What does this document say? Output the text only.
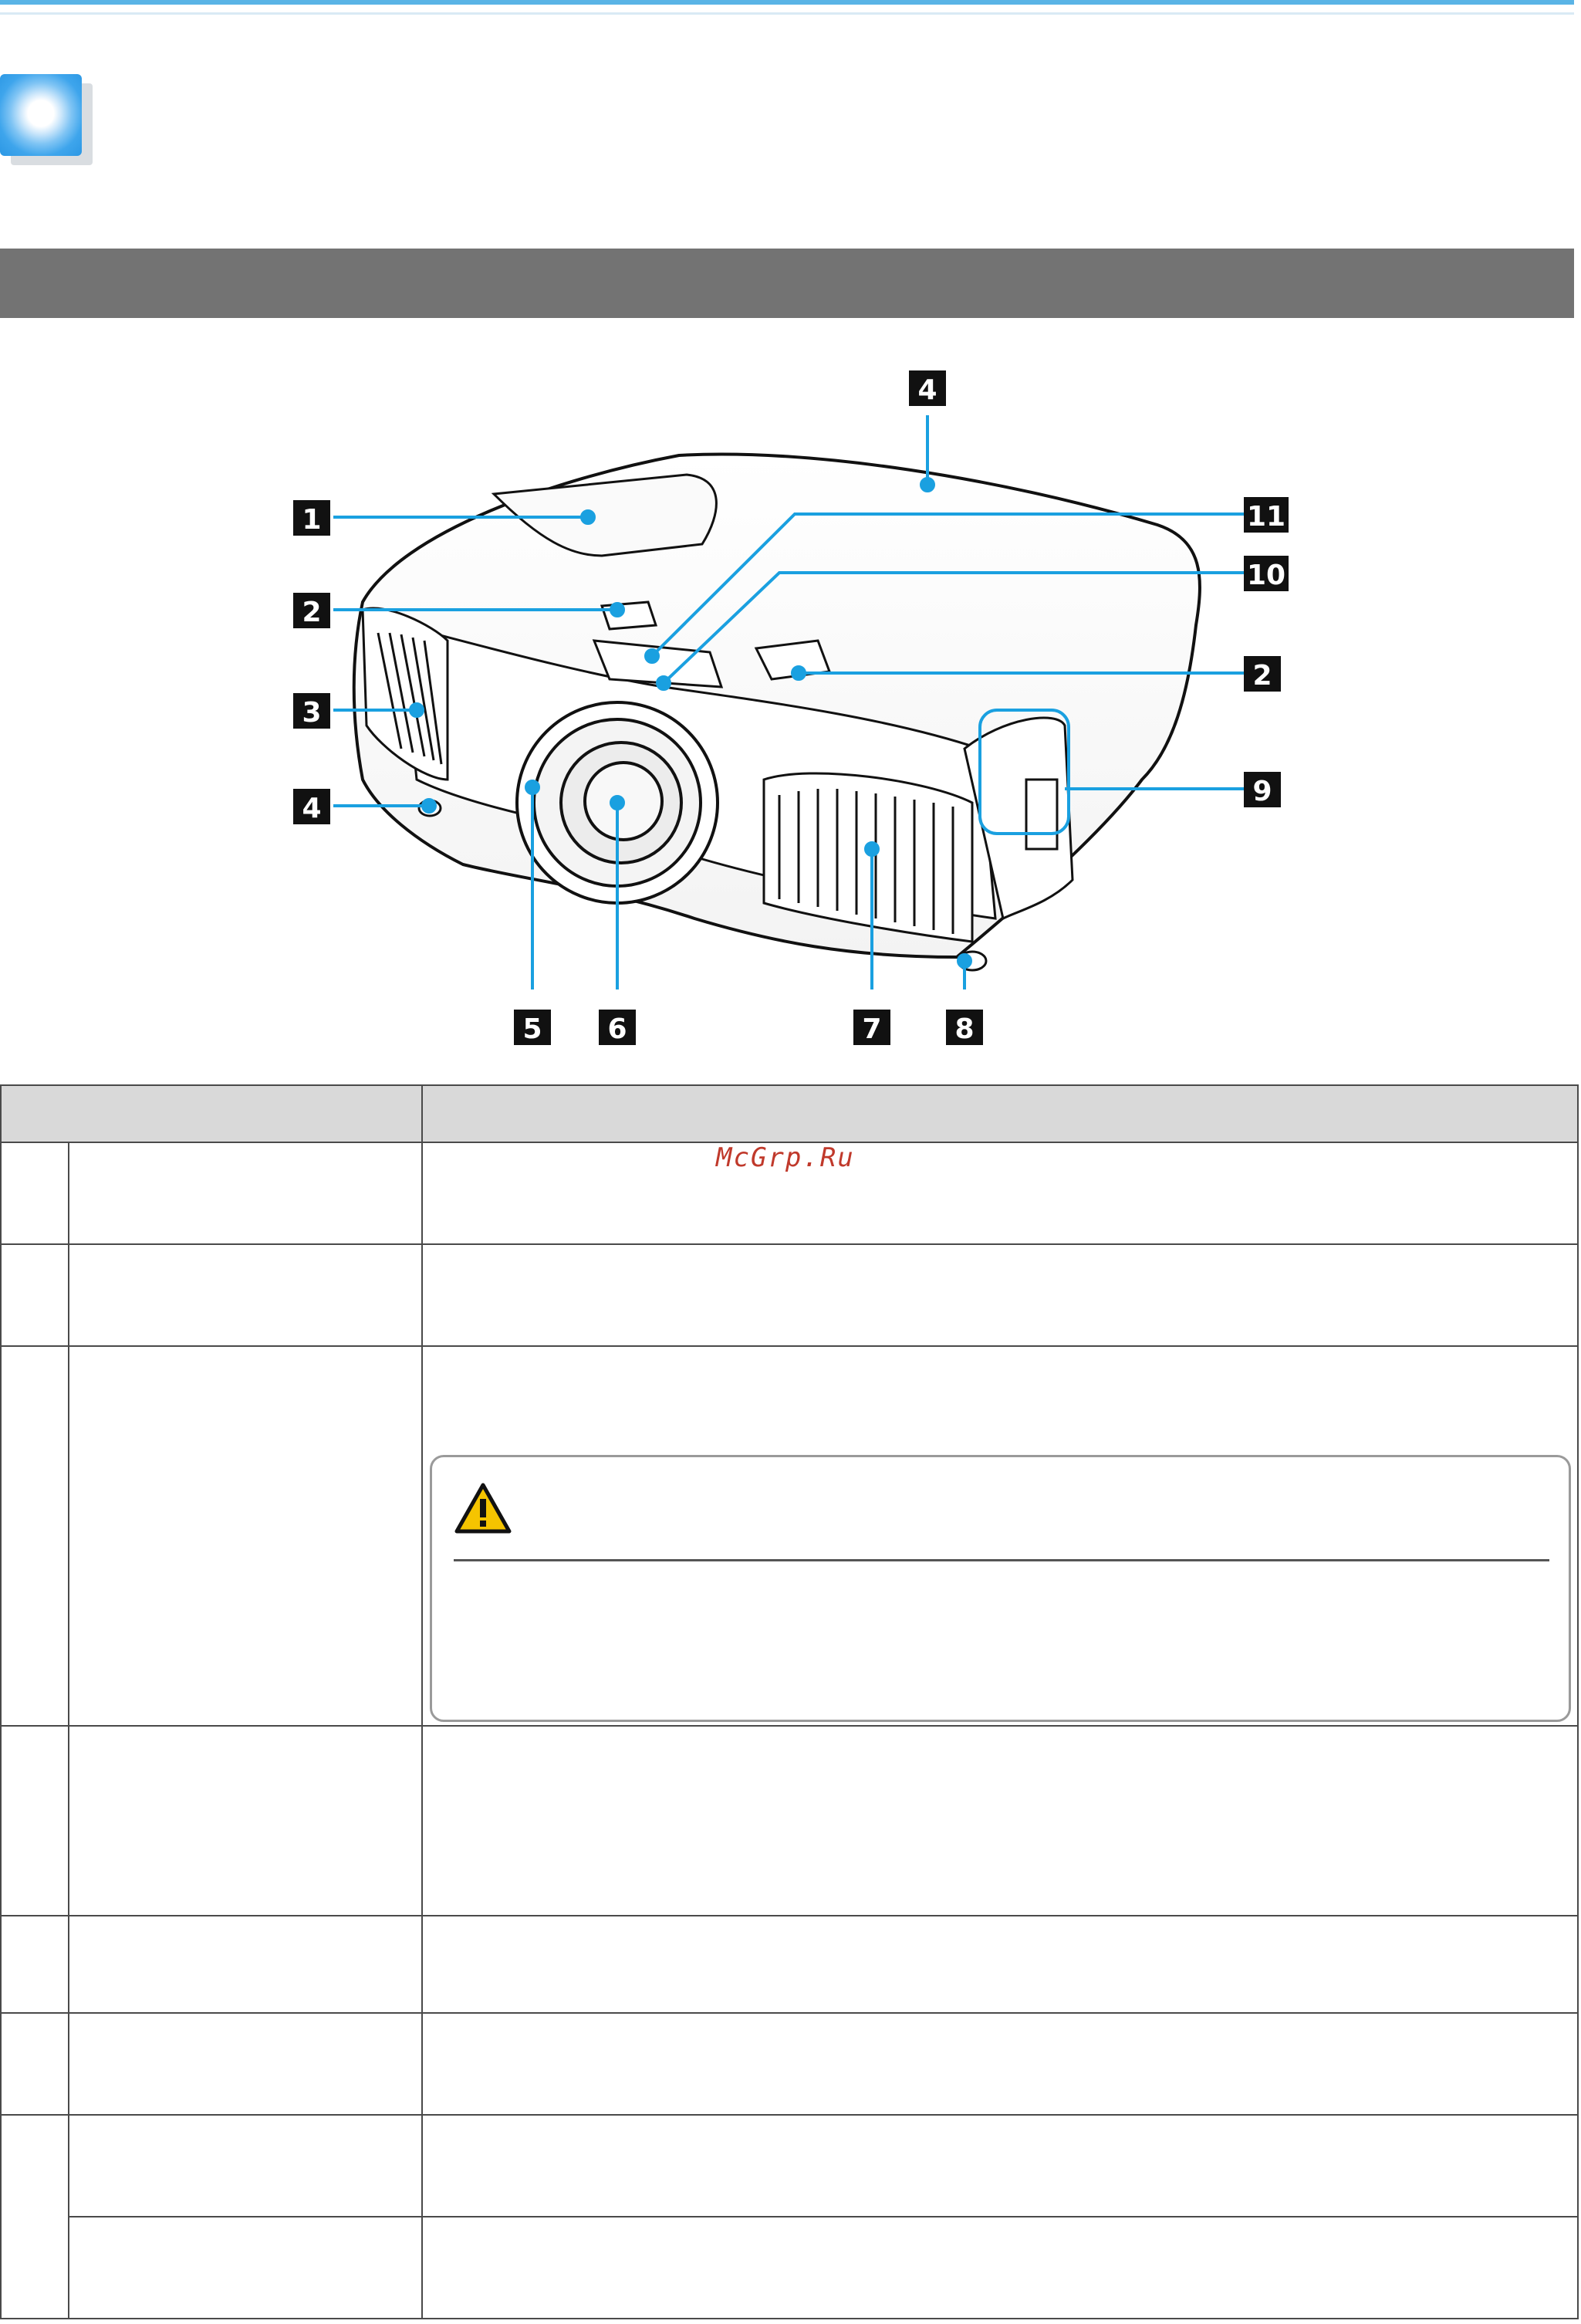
1
2
3
4
4
11
10
2
9
5 6	7	8

McGrp.Ru
